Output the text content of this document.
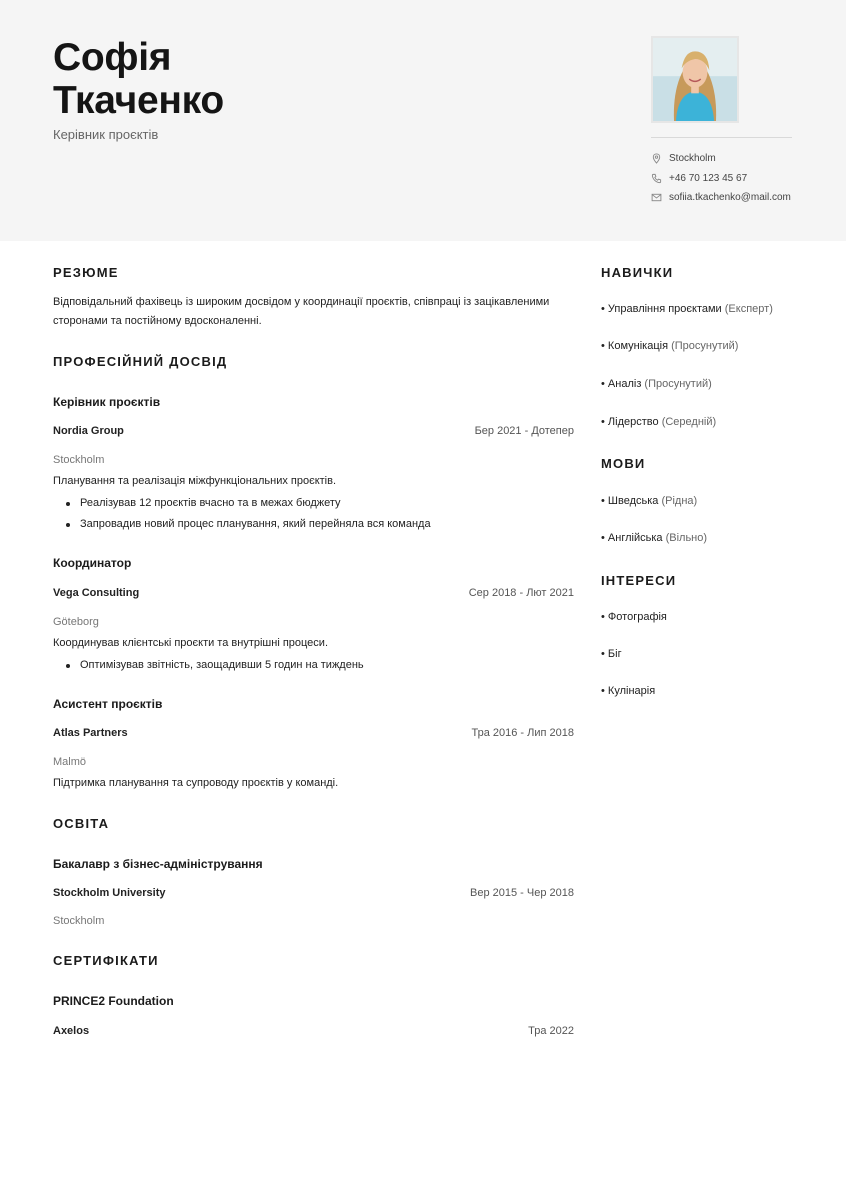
Софія
Ткаченко
Керівник проєктів
Stockholm
+46 70 123 45 67
sofiia.tkachenko@mail.com
РЕЗЮМЕ
Відповідальний фахівець із широким досвідом у координації проєктів, співпраці із зацікавленими
сторонами та постійному вдосконаленні.
ПРОФЕСІЙНИЙ ДОСВІД
Керівник проєктів
Nordia Group	Бер 2021 - Дотепер
Stockholm
Планування та реалізація міжфункціональних проєктів.
Реалізував 12 проєктів вчасно та в межах бюджету
Запровадив новий процес планування, який перейняла вся команда
Координатор
Vega Consulting	Сер 2018 - Лют 2021
Göteborg
Координував клієнтські проєкти та внутрішні процеси.
Оптимізував звітність, заощадивши 5 годин на тиждень
Асистент проєктів
Atlas Partners	Тра 2016 - Лип 2018
Malmö
Підтримка планування та супроводу проєктів у команді.
ОСВІТА
Бакалавр з бізнес-адміністрування
Stockholm University	Вер 2015 - Чер 2018
Stockholm
СЕРТИФІКАТИ
PRINCE2 Foundation
Axelos	Тра 2022
НАВИЧКИ
• Управління проєктами (Експерт)
• Комунікація (Просунутий)
• Аналіз (Просунутий)
• Лідерство (Середній)
МОВИ
• Шведська (Рідна)
• Англійська (Вільно)
ІНТЕРЕСИ
• Фотографія
• Біг
• Кулінарія
